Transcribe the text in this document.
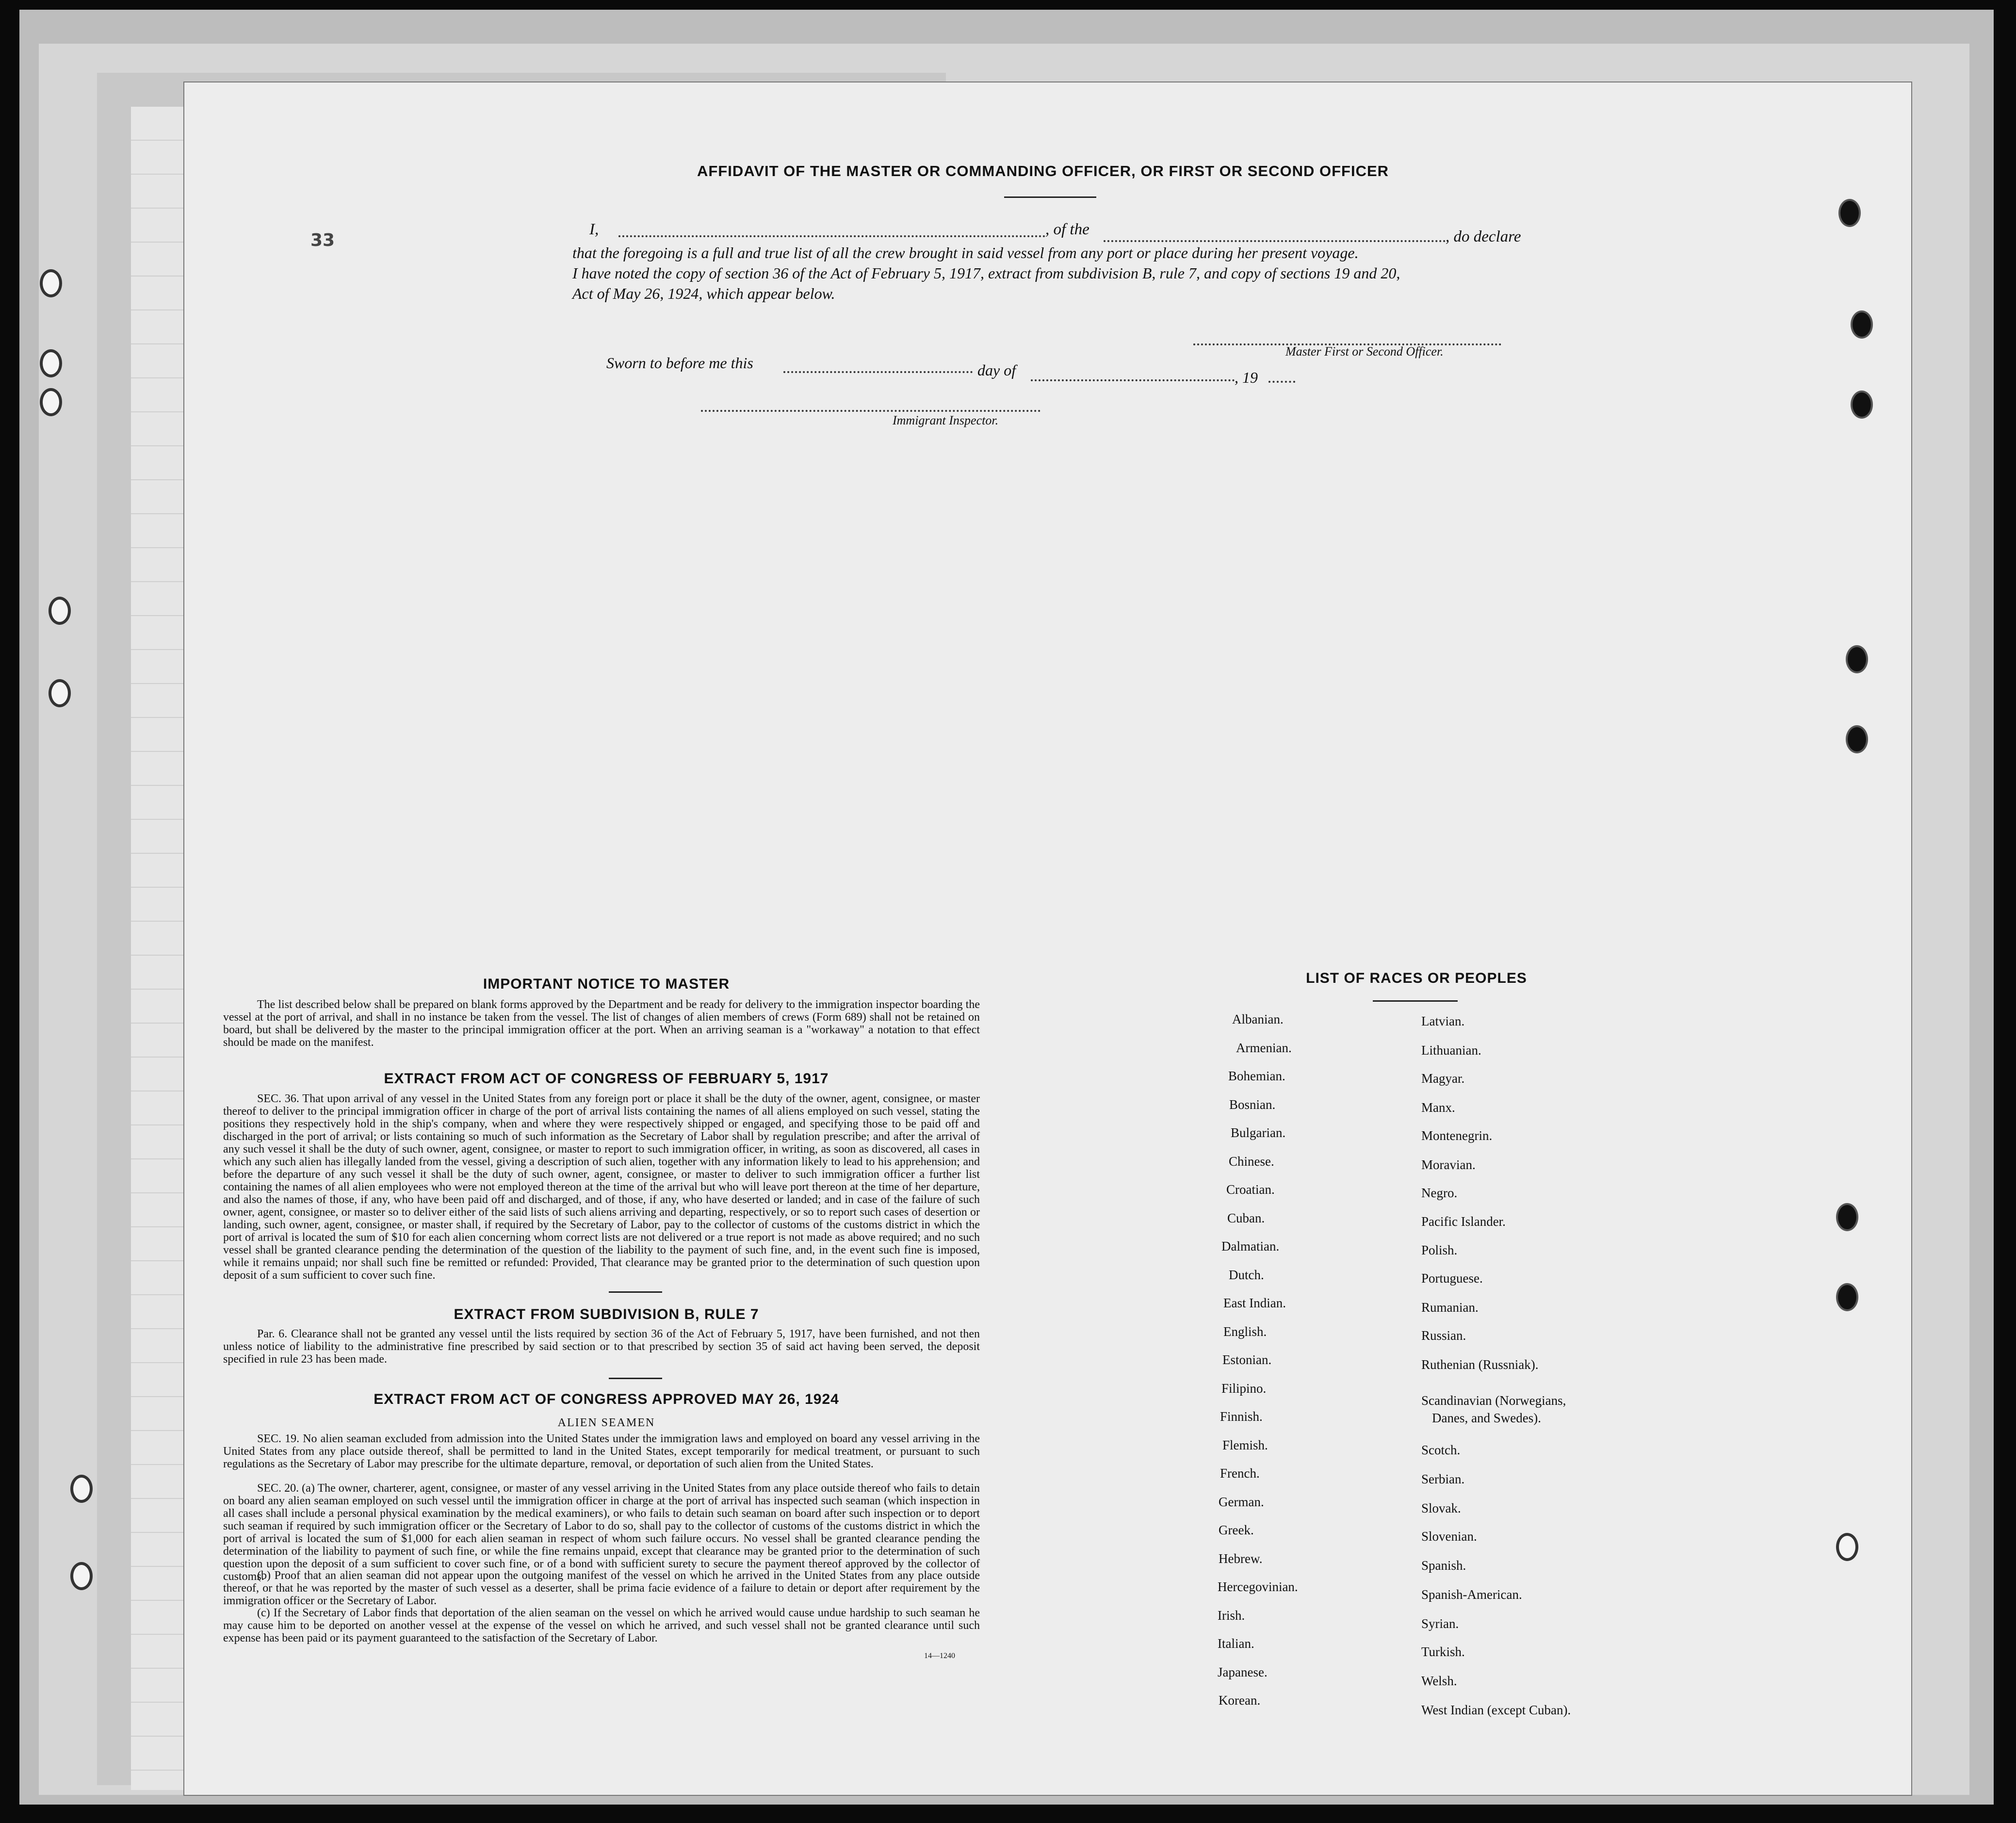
AFFIDAVIT OF THE MASTER OR COMMANDING OFFICER, OR FIRST OR SECOND OFFICER
33
I,	, of the	, do declare
that the foregoing is a full and true list of all the crew brought in said vessel from any port or place during her present voyage.
I have noted the copy of section 36 of the Act of February 5, 1917, extract from subdivision B, rule 7, and copy of sections 19 and 20,
Act of May 26, 1924, which appear below.
Master First or Second Officer.
Sworn to before me this	day of	, 19
Immigrant Inspector.
IMPORTANT NOTICE TO MASTER
The list described below shall be prepared on blank forms approved by the Department and be ready for delivery to the immigration inspector boarding the vessel at the port of arrival, and shall in no instance be taken from the vessel. The list of changes of alien members of crews (Form 689) shall not be retained on board, but shall be delivered by the master to the principal immigration officer at the port. When an arriving seaman is a "workaway" a notation to that effect should be made on the manifest.
EXTRACT FROM ACT OF CONGRESS OF FEBRUARY 5, 1917
SEC. 36. That upon arrival of any vessel in the United States from any foreign port or place it shall be the duty of the owner, agent, consignee, or master thereof to deliver to the principal immigration officer in charge of the port of arrival lists containing the names of all aliens employed on such vessel, stating the positions they respectively hold in the ship's company, when and where they were respectively shipped or engaged, and specifying those to be paid off and discharged in the port of arrival; or lists containing so much of such information as the Secretary of Labor shall by regulation prescribe; and after the arrival of any such vessel it shall be the duty of such owner, agent, consignee, or master to report to such immigration officer, in writing, as soon as discovered, all cases in which any such alien has illegally landed from the vessel, giving a description of such alien, together with any information likely to lead to his apprehension; and before the departure of any such vessel it shall be the duty of such owner, agent, consignee, or master to deliver to such immigration officer a further list containing the names of all alien employees who were not employed thereon at the time of the arrival but who will leave port thereon at the time of her departure, and also the names of those, if any, who have been paid off and discharged, and of those, if any, who have deserted or landed; and in case of the failure of such owner, agent, consignee, or master so to deliver either of the said lists of such aliens arriving and departing, respectively, or so to report such cases of desertion or landing, such owner, agent, consignee, or master shall, if required by the Secretary of Labor, pay to the collector of customs of the customs district in which the port of arrival is located the sum of $10 for each alien concerning whom correct lists are not delivered or a true report is not made as above required; and no such vessel shall be granted clearance pending the determination of the question of the liability to the payment of such fine, and, in the event such fine is imposed, while it remains unpaid; nor shall such fine be remitted or refunded: Provided, That clearance may be granted prior to the determination of such question upon deposit of a sum sufficient to cover such fine.
EXTRACT FROM SUBDIVISION B, RULE 7
Par. 6. Clearance shall not be granted any vessel until the lists required by section 36 of the Act of February 5, 1917, have been furnished, and not then unless notice of liability to the administrative fine prescribed by said section or to that prescribed by section 35 of said act having been served, the deposit specified in rule 23 has been made.
EXTRACT FROM ACT OF CONGRESS APPROVED MAY 26, 1924
ALIEN SEAMEN
SEC. 19. No alien seaman excluded from admission into the United States under the immigration laws and employed on board any vessel arriving in the United States from any place outside thereof, shall be permitted to land in the United States, except temporarily for medical treatment, or pursuant to such regulations as the Secretary of Labor may prescribe for the ultimate departure, removal, or deportation of such alien from the United States.
SEC. 20. (a) The owner, charterer, agent, consignee, or master of any vessel arriving in the United States from any place outside thereof who fails to detain on board any alien seaman employed on such vessel until the immigration officer in charge at the port of arrival has inspected such seaman (which inspection in all cases shall include a personal physical examination by the medical examiners), or who fails to detain such seaman on board after such inspection or to deport such seaman if required by such immigration officer or the Secretary of Labor to do so, shall pay to the collector of customs of the customs district in which the port of arrival is located the sum of $1,000 for each alien seaman in respect of whom such failure occurs. No vessel shall be granted clearance pending the determination of the liability to payment of such fine, or while the fine remains unpaid, except that clearance may be granted prior to the determination of such question upon the deposit of a sum sufficient to cover such fine, or of a bond with sufficient surety to secure the payment thereof approved by the collector of customs.
(b) Proof that an alien seaman did not appear upon the outgoing manifest of the vessel on which he arrived in the United States from any place outside thereof, or that he was reported by the master of such vessel as a deserter, shall be prima facie evidence of a failure to detain or deport after requirement by the immigration officer or the Secretary of Labor.
(c) If the Secretary of Labor finds that deportation of the alien seaman on the vessel on which he arrived would cause undue hardship to such seaman he may cause him to be deported on another vessel at the expense of the vessel on which he arrived, and such vessel shall not be granted clearance until such expense has been paid or its payment guaranteed to the satisfaction of the Secretary of Labor.
14—1240
LIST OF RACES OR PEOPLES
Albanian.
Armenian.
Bohemian.
Bosnian.
Bulgarian.
Chinese.
Croatian.
Cuban.
Dalmatian.
Dutch.
East Indian.
English.
Estonian.
Filipino.
Finnish.
Flemish.
French.
German.
Greek.
Hebrew.
Hercegovinian.
Irish.
Italian.
Japanese.
Korean.
Latvian.
Lithuanian.
Magyar.
Manx.
Montenegrin.
Moravian.
Negro.
Pacific Islander.
Polish.
Portuguese.
Rumanian.
Russian.
Ruthenian (Russniak).
Scandinavian (Norwegians,
Danes, and Swedes).
Scotch.
Serbian.
Slovak.
Slovenian.
Spanish.
Spanish-American.
Syrian.
Turkish.
Welsh.
West Indian (except Cuban).
